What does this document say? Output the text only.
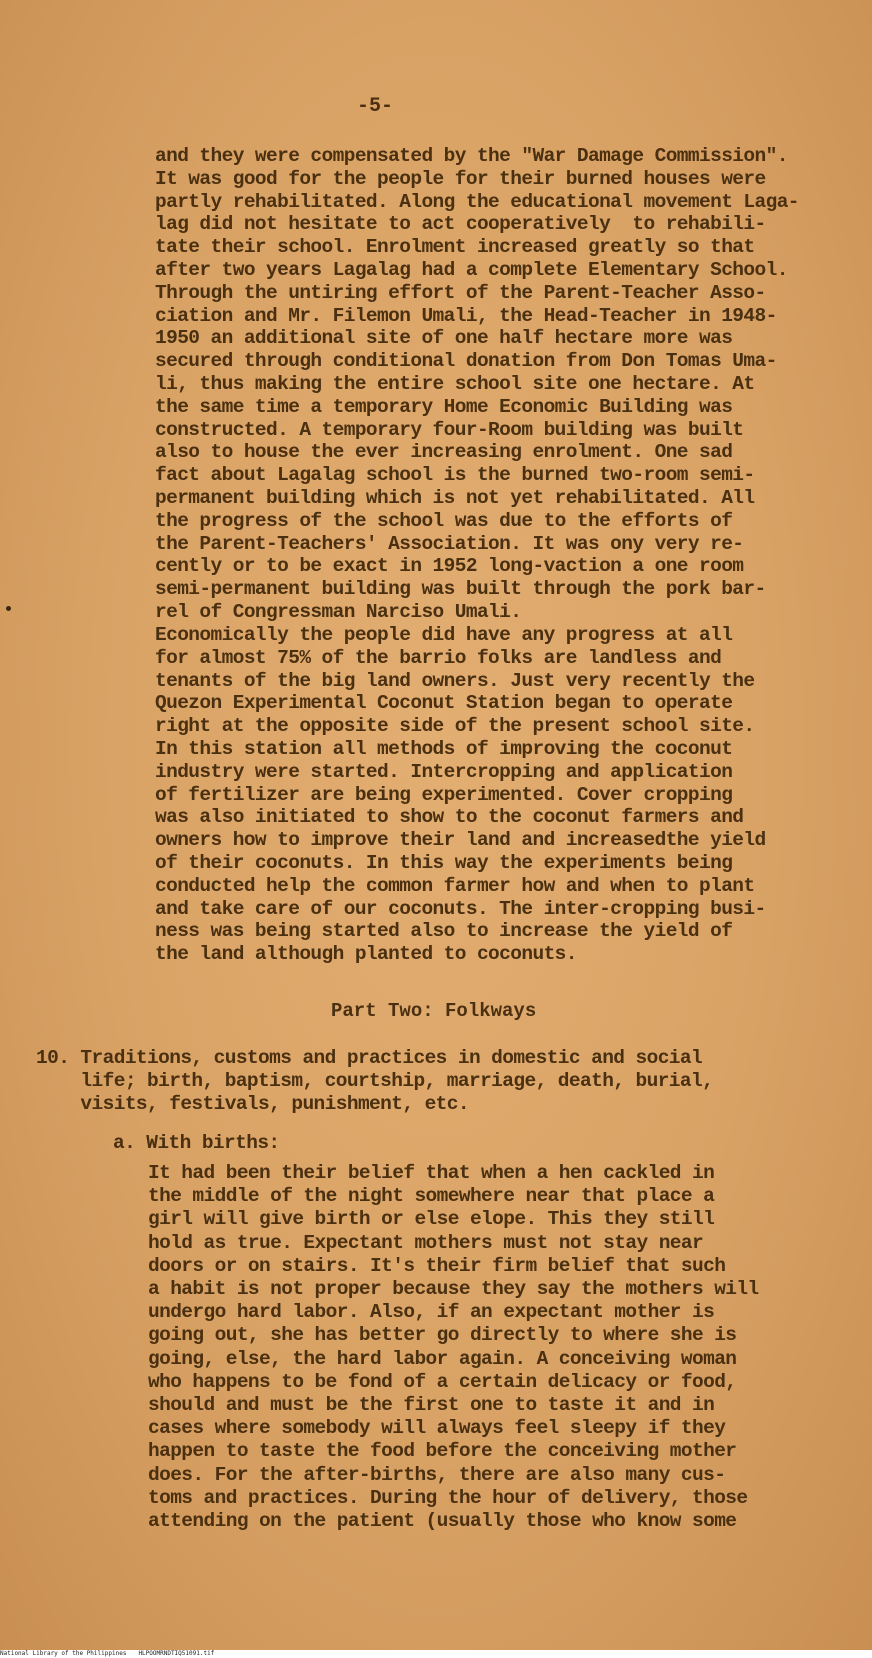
-5-
and they were compensated by the "War Damage Commission".
It was good for the people for their burned houses were
partly rehabilitated. Along the educational movement Laga-
lag did not hesitate to act cooperatively  to rehabili-
tate their school. Enrolment increased greatly so that
after two years Lagalag had a complete Elementary School.
Through the untiring effort of the Parent-Teacher Asso-
ciation and Mr. Filemon Umali, the Head-Teacher in 1948-
1950 an additional site of one half hectare more was
secured through conditional donation from Don Tomas Uma-
li, thus making the entire school site one hectare. At
the same time a temporary Home Economic Building was
constructed. A temporary four-Room building was built
also to house the ever increasing enrolment. One sad
fact about Lagalag school is the burned two-room semi-
permanent building which is not yet rehabilitated. All
the progress of the school was due to the efforts of
the Parent-Teachers' Association. It was ony very re-
cently or to be exact in 1952 long-vaction a one room
semi-permanent building was built through the pork bar-
rel of Congressman Narciso Umali.
Economically the people did have any progress at all
for almost 75% of the barrio folks are landless and
tenants of the big land owners. Just very recently the
Quezon Experimental Coconut Station began to operate
right at the opposite side of the present school site.
In this station all methods of improving the coconut
industry were started. Intercropping and application
of fertilizer are being experimented. Cover cropping
was also initiated to show to the coconut farmers and
owners how to improve their land and increasedthe yield
of their coconuts. In this way the experiments being
conducted help the common farmer how and when to plant
and take care of our coconuts. The inter-cropping busi-
ness was being started also to increase the yield of
the land although planted to coconuts.
Part Two: Folkways
10. Traditions, customs and practices in domestic and social
life; birth, baptism, courtship, marriage, death, burial,
visits, festivals, punishment, etc.

a. With births:

It had been their belief that when a hen cackled in
the middle of the night somewhere near that place a
girl will give birth or else elope. This they still
hold as true. Expectant mothers must not stay near
doors or on stairs. It's their firm belief that such
a habit is not proper because they say the mothers will
undergo hard labor. Also, if an expectant mother is
going out, she has better go directly to where she is
going, else, the hard labor again. A conceiving woman
who happens to be fond of a certain delicacy or food,
should and must be the first one to taste it and in
cases where somebody will always feel sleepy if they
happen to taste the food before the conceiving mother
does. For the after-births, there are also many cus-
toms and practices. During the hour of delivery, those
attending on the patient (usually those who know some
National Library of the Philippines HLPOOMRNDTIQ51091.tif
